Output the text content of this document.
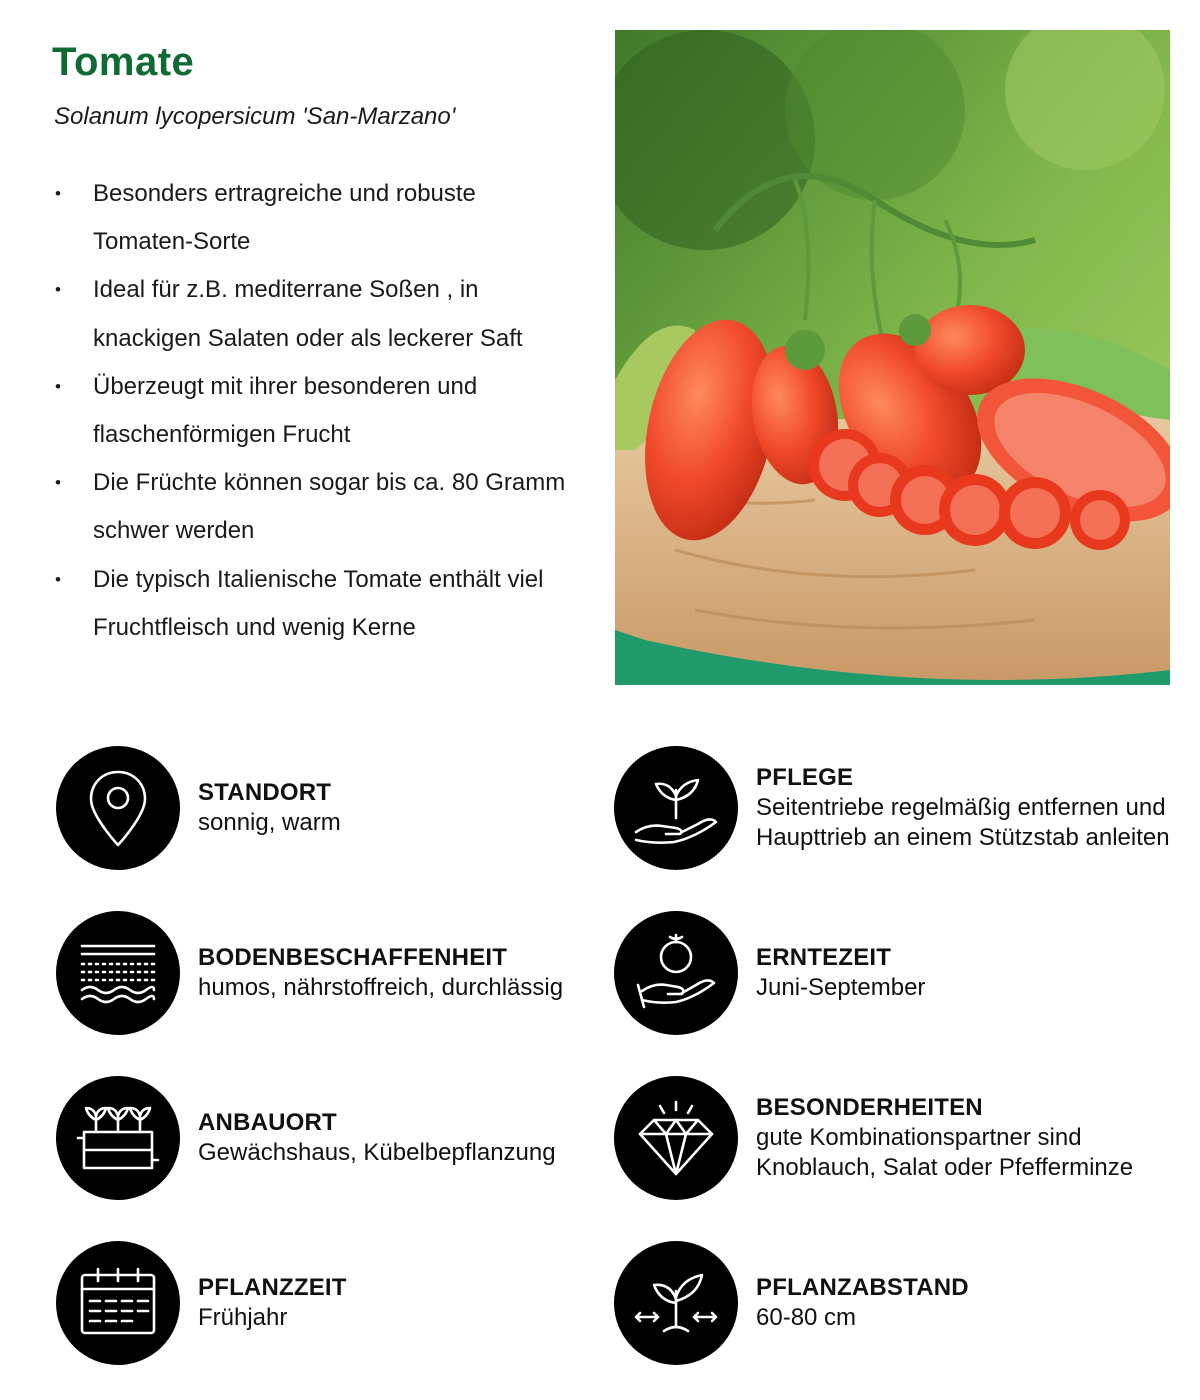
Tomate
Solanum lycopersicum 'San-Marzano'
• Besonders ertragreiche und robuste Tomaten-Sorte
• Ideal für z.B. mediterrane Soßen , in knackigen Salaten oder als leckerer Saft
• Überzeugt mit ihrer besonderen und flaschenförmigen Frucht
• Die Früchte können sogar bis ca. 80 Gramm schwer werden
• Die typisch Italienische Tomate enthält viel Fruchtfleisch und wenig Kerne
STANDORT
sonnig, warm
BODENBESCHAFFENHEIT
humos, nährstoffreich, durchlässig
ANBAUORT
Gewächshaus, Kübelbepflanzung
PFLANZZEIT
Frühjahr
PFLEGE
Seitentriebe regelmäßig entfernen und Haupttrieb an einem Stützstab anleiten
ERNTEZEIT
Juni-September
BESONDERHEITEN
gute Kombinationspartner sind Knoblauch, Salat oder Pfefferminze
PFLANZABSTAND
60-80 cm
